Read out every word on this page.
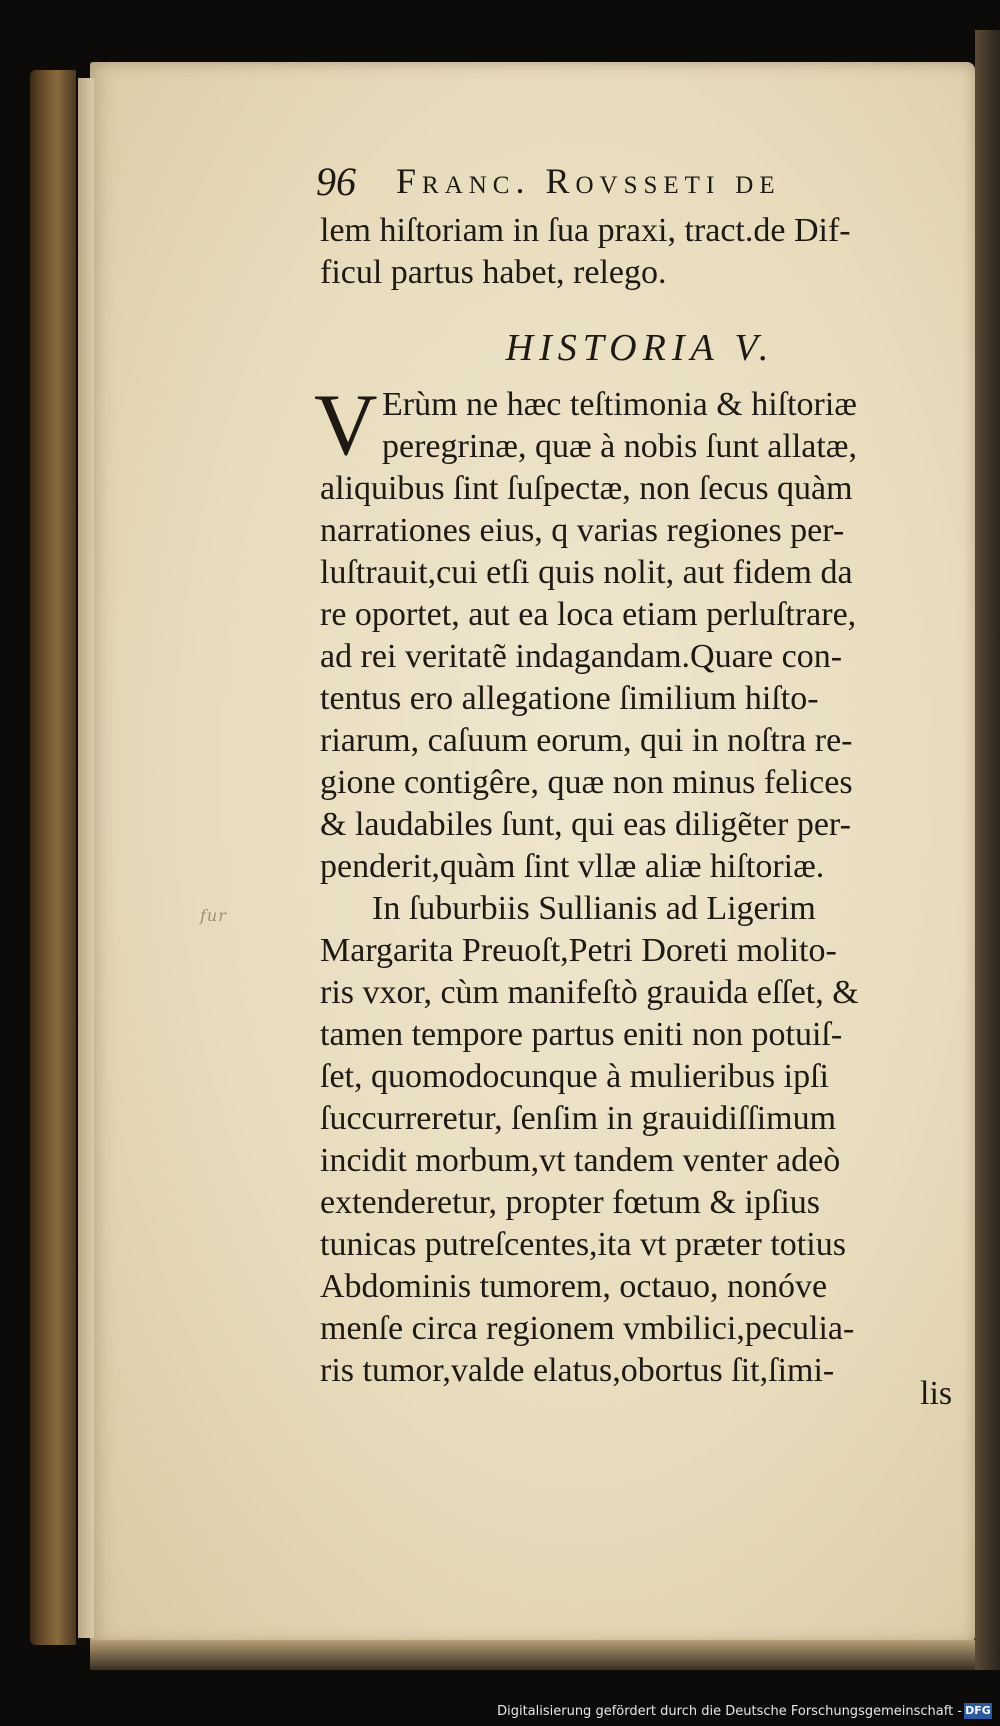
fur
96 Franc. Rovsseti de
lem hiſtoriam in ſua praxi, tract.de Dif-
ficul partus habet, relego.
HISTORIA V.
V Erùm ne hæc teſtimonia & hiſtoriæ
peregrinæ, quæ à nobis ſunt allatæ,
aliquibus ſint ſuſpectæ, non ſecus quàm
narrationes eius, q varias regiones per-
luſtrauit,cui etſi quis nolit, aut fidem da
re oportet, aut ea loca etiam perluſtrare,
ad rei veritatẽ indagandam.Quare con-
tentus ero allegatione ſimilium hiſto-
riarum, caſuum eorum, qui in noſtra re-
gione contigêre, quæ non minus felices
& laudabiles ſunt, qui eas diligẽter per-
penderit,quàm ſint vllæ aliæ hiſtoriæ.
In ſuburbiis Sullianis ad Ligerim
Margarita Preuoſt,Petri Doreti molito-
ris vxor, cùm manifeſtò grauida eſſet, &
tamen tempore partus eniti non potuiſ-
ſet, quomodocunque à mulieribus ipſi
ſuccurreretur, ſenſim in grauidiſſimum
incidit morbum,vt tandem venter adeò
extenderetur, propter fœtum & ipſius
tunicas putreſcentes,ita vt præter totius
Abdominis tumorem, octauo, nonóve
menſe circa regionem vmbilici,peculia-
ris tumor,valde elatus,obortus ſit,ſimi-
lis
Digitalisierung gefördert durch die Deutsche Forschungsgemeinschaft - DFG
